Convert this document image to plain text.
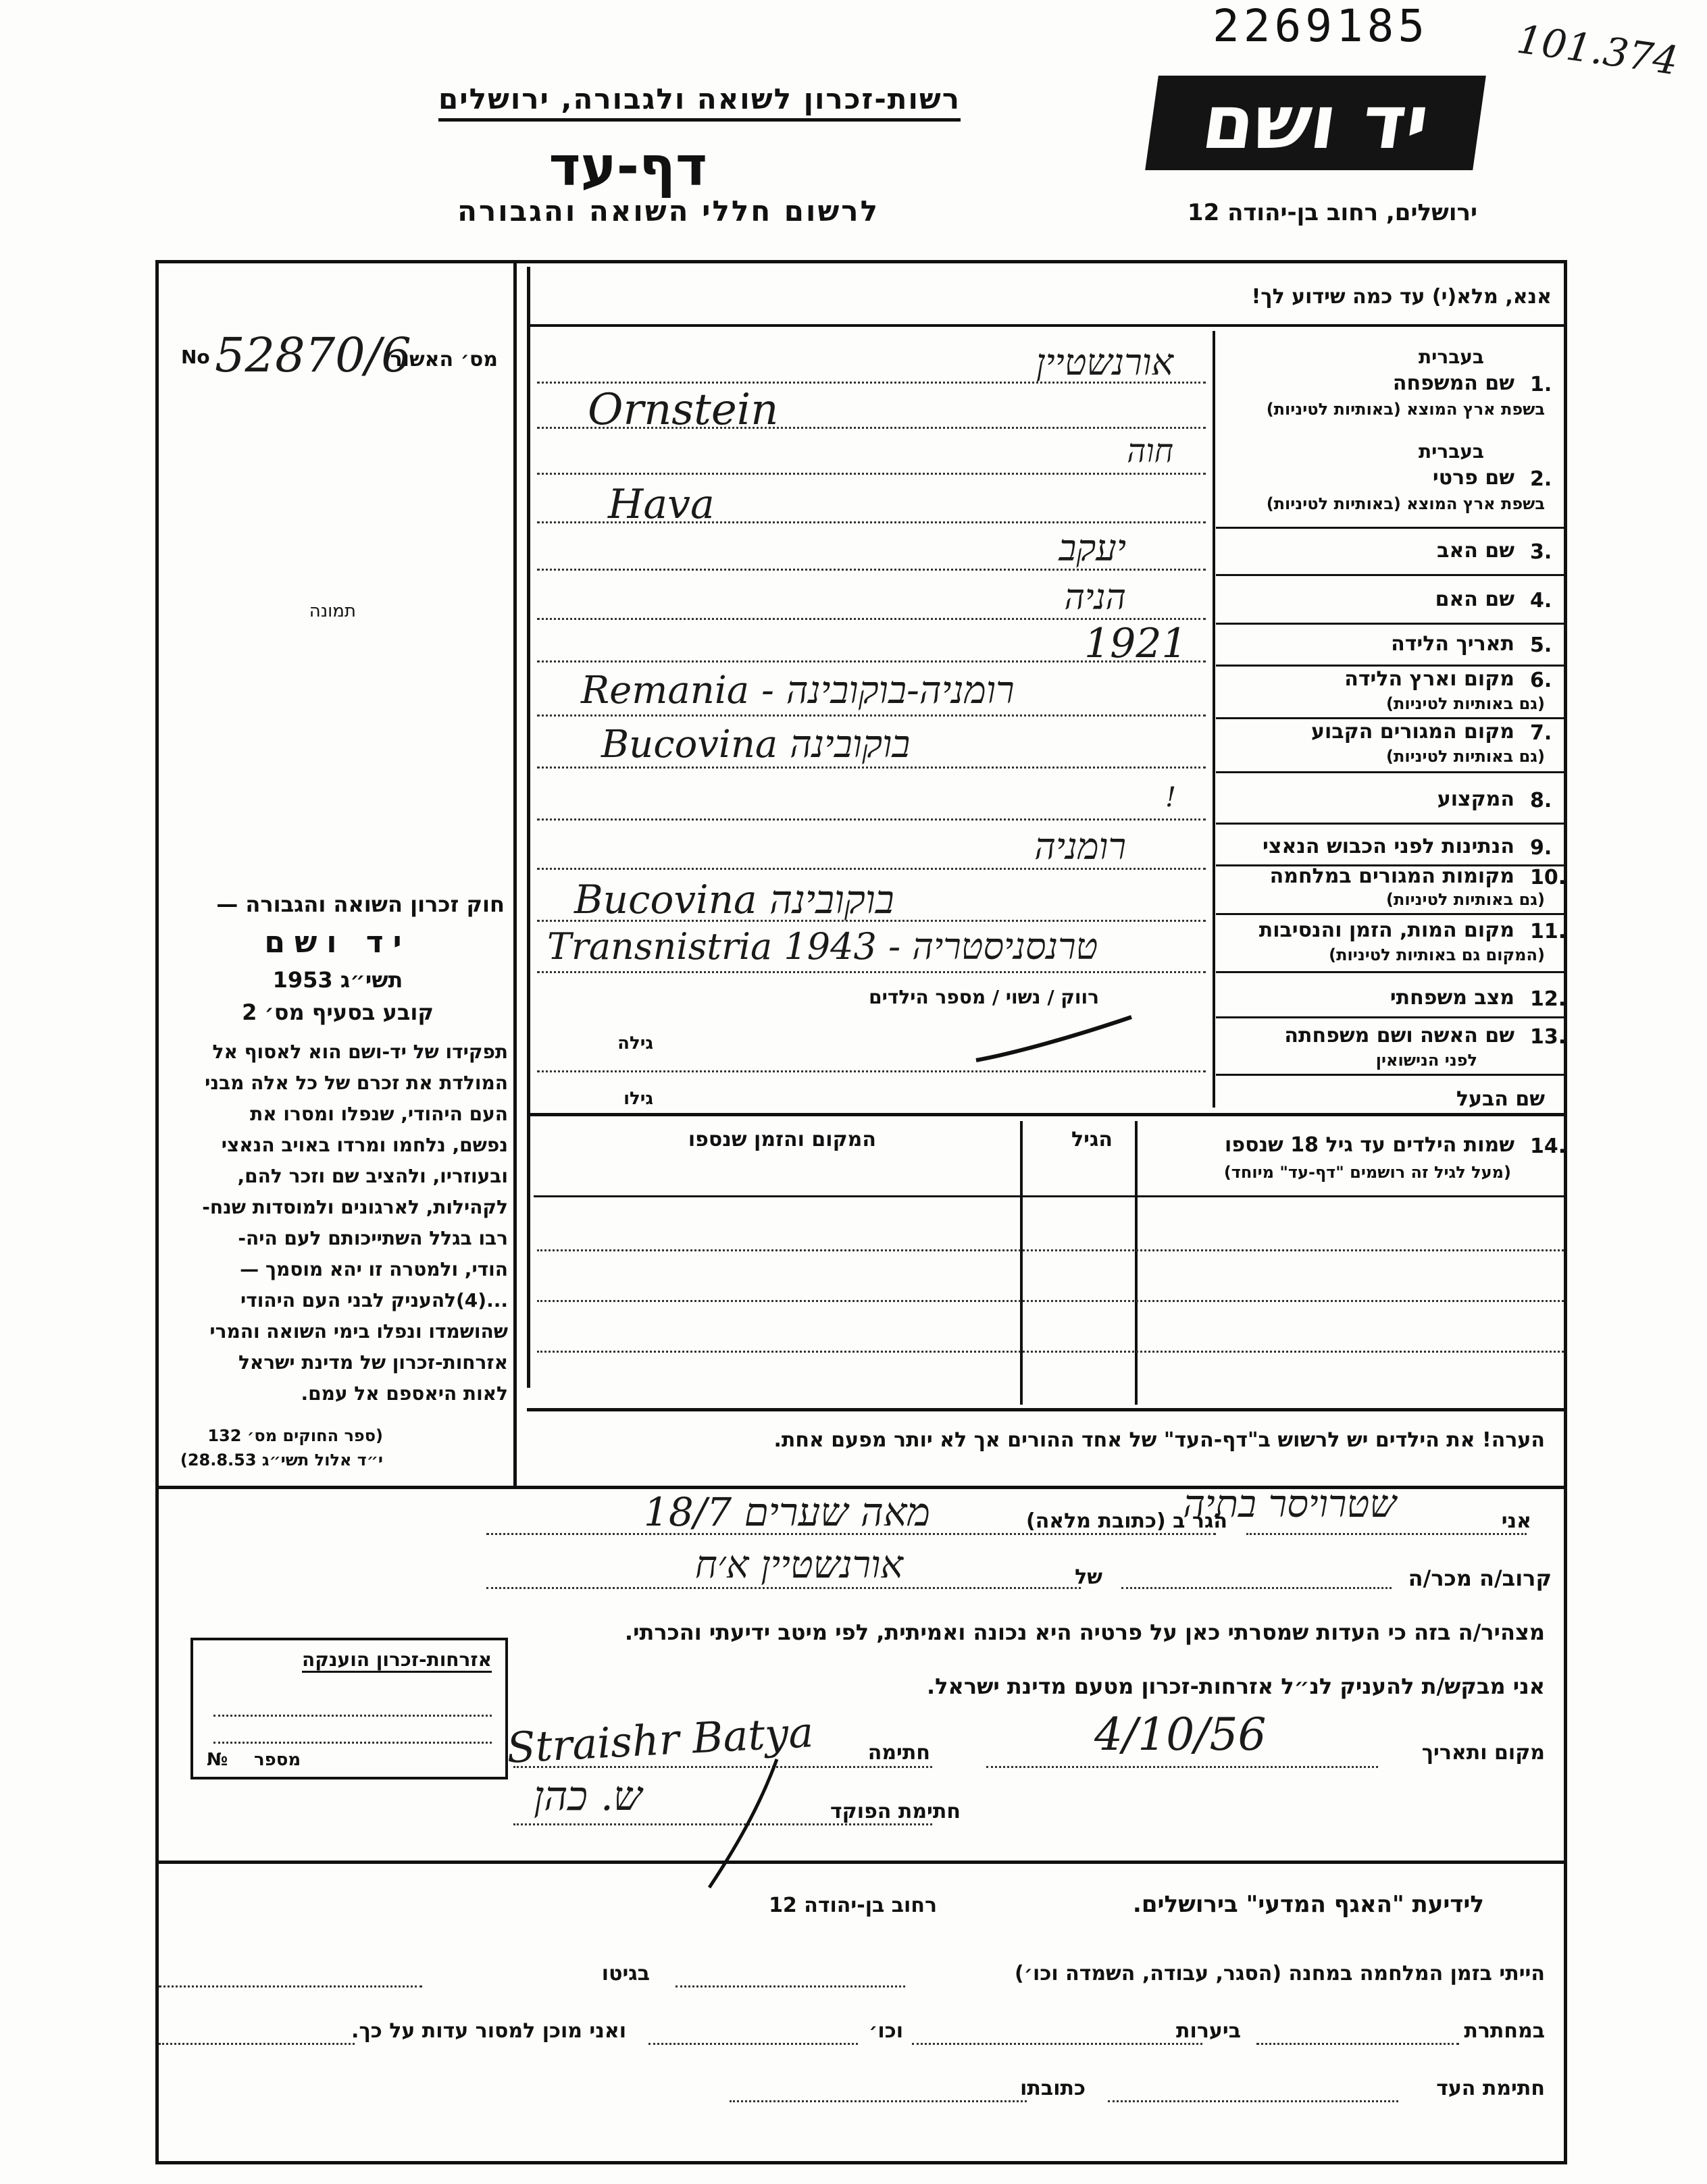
2269185 101.374
רשות-זכרון לשואה ולגבורה, ירושלים
דף-עד
לרשום חללי השואה והגבורה
יד ושם
ירושלים, רחוב בן-יהודה 12
No 52870/6
מס׳ האשור
תמונה
חוק זכרון השואה והגבורה —
יד ושם
תשי״ג 1953
קובע בסעיף מס׳ 2
תפקידו של יד-ושם הוא לאסוף אל
המולדת את זכרם של כל אלה מבני
העם היהודי, שנפלו ומסרו את
נפשם, נלחמו ומרדו באויב הנאצי
ובעוזריו, ולהציב שם וזכר להם,
לקהילות, לארגונים ולמוסדות שנח-
רבו בגלל השתייכותם לעם היה-
הודי, ולמטרה זו יהא מוסמך —
...(4)להעניק לבני העם היהודי
שהושמדו ונפלו בימי השואה והמרי
אזרחות-זכרון של מדינת ישראל
לאות היאספם אל עמם.
(ספר החוקים מס׳ 132
י״ד אלול תשי״ג 28.8.53)
אזרחות-זכרון הוענקה
№ מספר
אנא, מלא(י) עד כמה שידוע לך!
בעברית
1.
שם המשפחה
בשפת ארץ המוצא (באותיות לטיניות)
אורנשטיין
Ornstein
בעברית
2.
שם פרטי
בשפת ארץ המוצא (באותיות לטיניות)
חוה
Hava
3.
שם האב
יעקב
4.
שם האם
הניה
5.
תאריך הלידה
1921
6.
מקום וארץ הלידה
(גם באותיות לטיניות)
Remania - רומניה-בוקובינה
7.
מקום המגורים הקבוע
(גם באותיות לטיניות)
Bucovina בוקובינה
8.
המקצוע
!
9.
הנתינות לפני הכבוש הנאצי
רומניה
10.
מקומות המגורים במלחמה
(גם באותיות לטיניות)
Bucovina בוקובינה
11.
מקום המות, הזמן והנסיבות
(המקום גם באותיות לטיניות)
Transnistria 1943 - טרנסניסטריה
12.
מצב משפחתי
רווק / נשוי / מספר הילדים
13.
שם האשה ושם משפחתה
לפני הנישואין
גילה
שם הבעל
גילו
14.
שמות הילדים עד גיל 18 שנספו
(מעל לגיל זה רושמים "דף-עד" מיוחד)
הגיל
המקום והזמן שנספו
הערה! את הילדים יש לרשוש ב"דף-העד" של אחד ההורים אך לא יותר מפעם אחת.
אני
שטרויסר בתיה
הגר ב (כתובת מלאה)
מאה שערים 18/7
קרוב/ה מכר/ה
של
אורנשטיין א׳ח
מצהיר/ה בזה כי העדות שמסרתי כאן על פרטיה היא נכונה ואמיתית, לפי מיטב ידיעתי והכרתי.
אני מבקש/ת להעניק לנ״ל אזרחות-זכרון מטעם מדינת ישראל.
מקום ותאריך
4/10/56
חתימה
Straishr Batya
חתימת הפוקד
ש. כהן
לידיעת "האגף המדעי" בירושלים.
רחוב בן-יהודה 12
הייתי בזמן המלחמה במחנה (הסגר, עבודה, השמדה וכו׳)
בגיטו
במחתרת
ביערות
וכו׳
ואני מוכן למסור עדות על כך.
חתימת העד
כתובתו
